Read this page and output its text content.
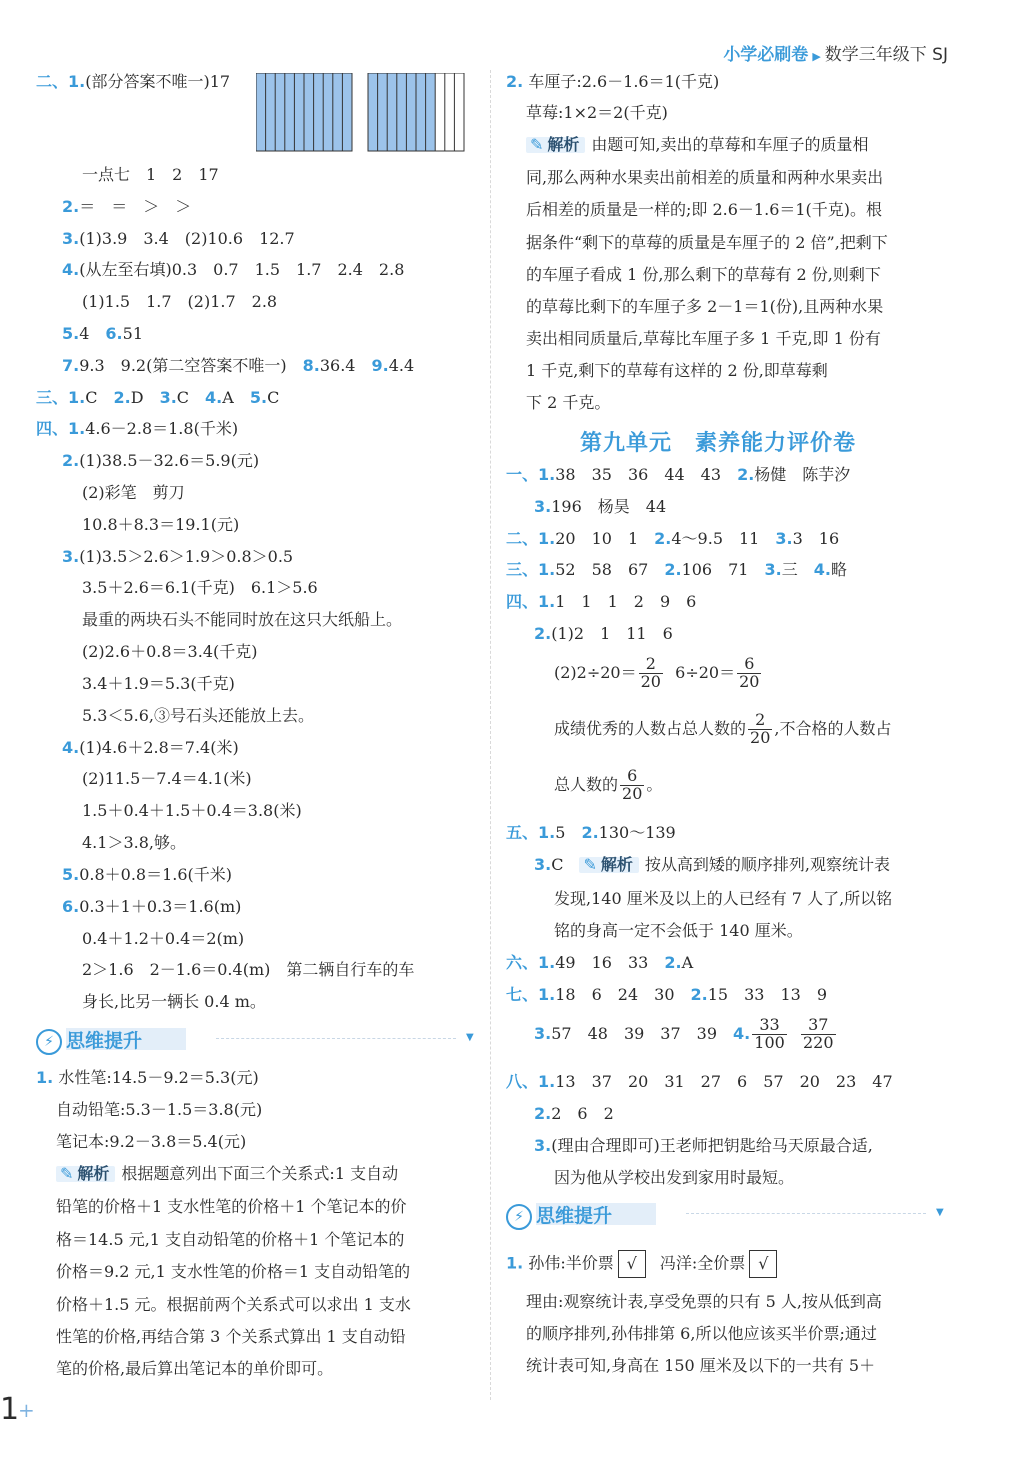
小学必刷卷 ▶ 数学三年级下 SJ
二、1.(部分答案不唯一)17
一点七　1　2　17
2.＝　＝　＞　＞
3.(1)3.9　3.4　(2)10.6　12.7
4.(从左至右填)0.3　0.7　1.5　1.7　2.4　2.8
(1)1.5　1.7　(2)1.7　2.8
5.4　 6.51
7.9.3　9.2(第二空答案不唯一)　 8.36.4　 9.4.4
三、1.C　 2.D　 3.C　 4.A　 5.C
四、1.4.6－2.8＝1.8(千米)
2.(1)38.5－32.6＝5.9(元)
(2)彩笔　剪刀
10.8＋8.3＝19.1(元)
3.(1)3.5＞2.6＞1.9＞0.8＞0.5
3.5＋2.6＝6.1(千克)　6.1＞5.6
最重的两块石头不能同时放在这只大纸船上。
(2)2.6＋0.8＝3.4(千克)
3.4＋1.9＝5.3(千克)
5.3＜5.6,③号石头还能放上去。
4.(1)4.6＋2.8＝7.4(米)
(2)11.5－7.4＝4.1(米)
1.5＋0.4＋1.5＋0.4＝3.8(米)
4.1＞3.8,够。
5.0.8＋0.8＝1.6(千米)
6.0.3＋1＋0.3＝1.6(m)
0.4＋1.2＋0.4＝2(m)
2＞1.6　2－1.6＝0.4(m)　第二辆自行车的车
身长,比另一辆长 0.4 m。
⚡ 思维提升	▼
1. 水性笔:14.5－9.2＝5.3(元)
自动铅笔:5.3－1.5＝3.8(元)
笔记本:9.2－3.8＝5.4(元)
✎ 解析 根据题意列出下面三个关系式:1 支自动
铅笔的价格＋1 支水性笔的价格＋1 个笔记本的价
格＝14.5 元,1 支自动铅笔的价格＋1 个笔记本的
价格＝9.2 元,1 支水性笔的价格＝1 支自动铅笔的
价格＋1.5 元。根据前两个关系式可以求出 1 支水
性笔的价格,再结合第 3 个关系式算出 1 支自动铅
笔的价格,最后算出笔记本的单价即可。
2. 车厘子:2.6－1.6＝1(千克)
草莓:1×2＝2(千克)
✎ 解析 由题可知,卖出的草莓和车厘子的质量相
同,那么两种水果卖出前相差的质量和两种水果卖出
后相差的质量是一样的;即 2.6－1.6＝1(千克)。根
据条件“剩下的草莓的质量是车厘子的 2 倍”,把剩下
的车厘子看成 1 份,那么剩下的草莓有 2 份,则剩下
的草莓比剩下的车厘子多 2－1＝1(份),且两种水果
卖出相同质量后,草莓比车厘子多 1 千克,即 1 份有
1 千克,剩下的草莓有这样的 2 份,即草莓剩
下 2 千克。
第九单元　素养能力评价卷
一、1.38　35　36　44　43　 2.杨健　陈芋汐
3.196　杨昊　44
二、1.20　10　1　 2.4～9.5　11　 3.3　16
三、1.52　58　67　 2.106　71　 3.三　 4.略
四、1.1　1　1　2　9　6
2.(1)2　1　11　6
$(2)2\div 20= \frac{2}{20} 6\div 20= \frac{6}{20}$
成绩优秀的人数占总人数的 $\frac{2}{20}$ ,不合格的人数占
总人数的 $\frac{6}{20}$ 。
五、1.5　 2.130～139
3.C　 ✎ 解析 按从高到矮的顺序排列,观察统计表
发现,140 厘米及以上的人已经有 7 人了,所以铭
铭的身高一定不会低于 140 厘米。
六、1.49　16　33　 2.A
七、1.18　6　24　30　 2.15　33　13　9
3.57　48　39　37　39　 4. $\frac{33}{100}$
$\frac{37}{220}$
八、1.13　37　20　31　27　6　57　20　23　47
2.2　6　2
3.(理由合理即可)王老师把钥匙给马天原最合适,
因为他从学校出发到家用时最短。
⚡ 思维提升	▼
1. 孙伟:半价票 √ 冯洋:全价票 √
理由:观察统计表,享受免票的只有 5 人,按从低到高
的顺序排列,孙伟排第 6,所以他应该买半价票;通过
统计表可知,身高在 150 厘米及以下的一共有 5＋
1
+
